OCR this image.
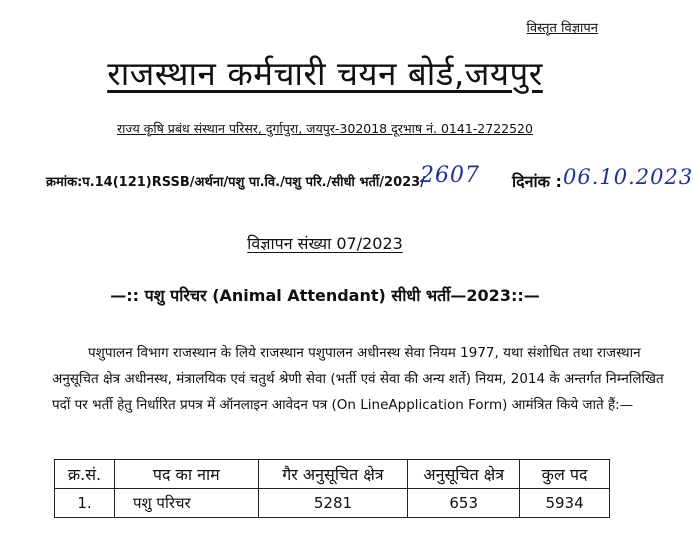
विस्तृत विज्ञापन
राजस्थान कर्मचारी चयन बोर्ड,जयपुर
राज्य कृषि प्रबंध संस्थान परिसर, दुर्गापुरा, जयपुर-302018 दूरभाष नं. 0141-2722520
क्रमांक:प.14(121)RSSB/अर्थना/पशु पा.वि./पशु परि./सीधी भर्ती/2023/
2607 दिनांक : 06.10.2023
विज्ञापन संख्या 07/2023
—:: पशु परिचर (Animal Attendant) सीधी भर्ती—2023::—
पशुपालन विभाग राजस्थान के लिये राजस्थान पशुपालन अधीनस्थ सेवा नियम 1977, यथा संशोधित तथा राजस्थान
अनुसूचित क्षेत्र अधीनस्थ, मंत्रालयिक एवं चतुर्थ श्रेणी सेवा (भर्ती एवं सेवा की अन्य शर्ते) नियम, 2014 के अन्तर्गत निम्नलिखित
पदों पर भर्ती हेतु निर्धारित प्रपत्र में ऑनलाइन आवेदन पत्र (On LineApplication Form) आमंत्रित किये जाते हैं:—
क्र.सं.	पद का नाम	गैर अनुसूचित क्षेत्र	अनुसूचित क्षेत्र	कुल पद
1.	पशु परिचर	5281	653	5934
